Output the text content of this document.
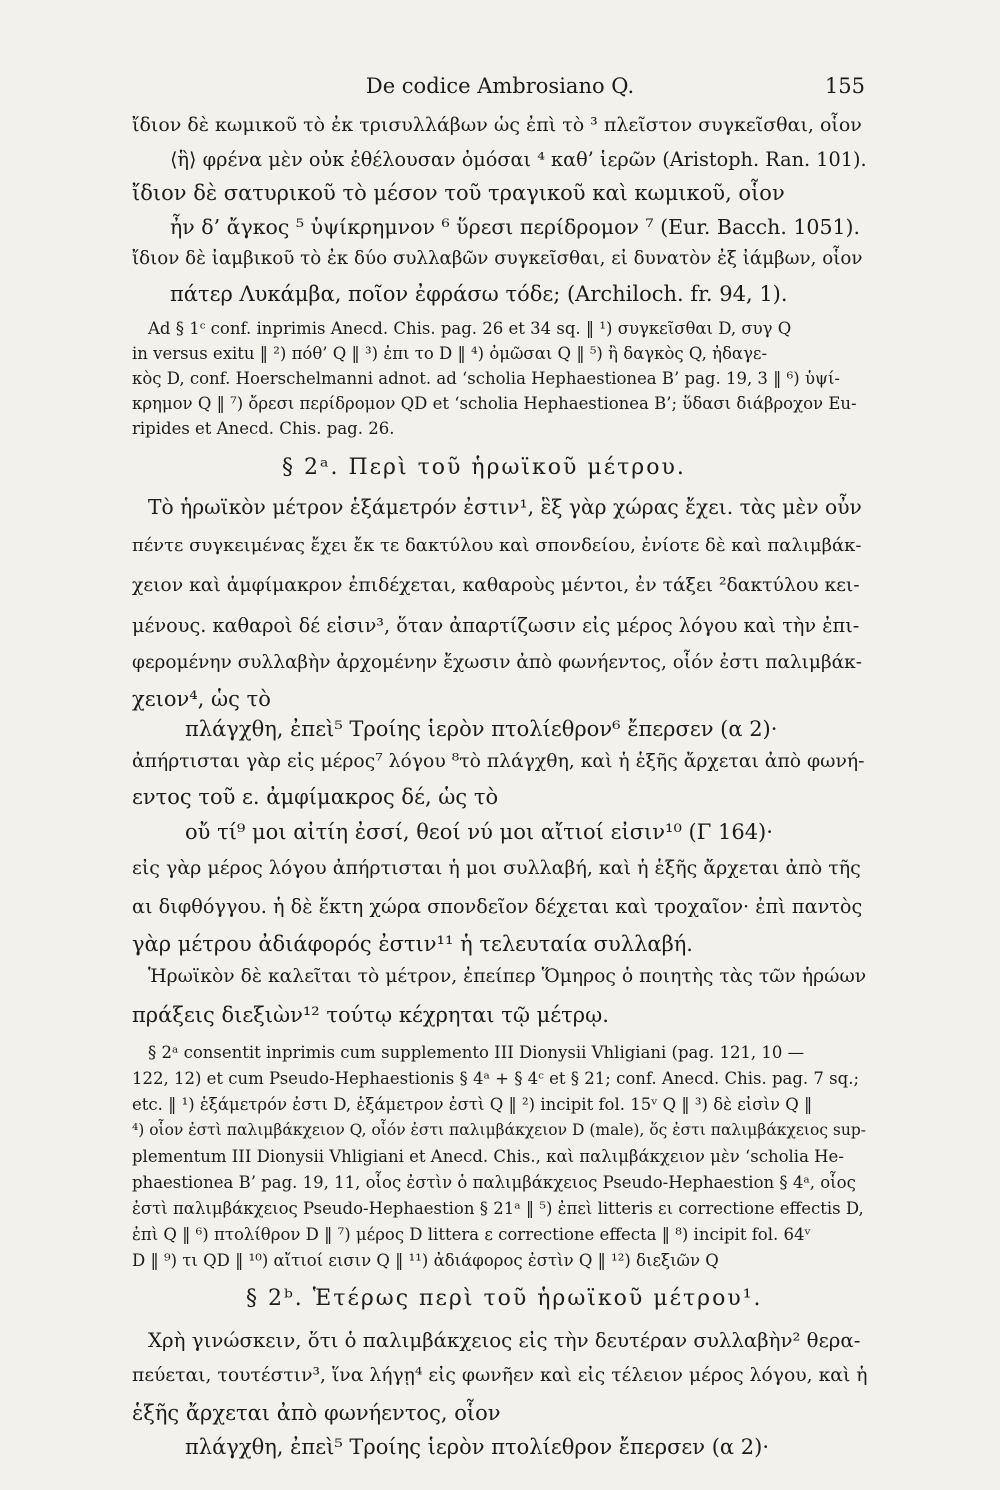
De codice Ambrosiano Q.	155
ἴδιον δὲ κωμικοῦ τὸ ἐκ τρισυλλάβων ὡς ἐπὶ τὸ ³ πλεῖστον συγκεῖσθαι, οἷον
⟨ἣ⟩ φρένα μὲν οὐκ ἐθέλουσαν ὀμόσαι ⁴ καθ’ ἱερῶν (Aristoph. Ran. 101).
ἴδιον δὲ σατυρικοῦ τὸ μέσον τοῦ τραγικοῦ καὶ κωμικοῦ, οἷον
ἦν δ’ ἄγκος ⁵ ὑψίκρημνον ⁶ ὕρεσι περίδρομον ⁷ (Eur. Bacch. 1051).
ἴδιον δὲ ἰαμβικοῦ τὸ ἐκ δύο συλλαβῶν συγκεῖσθαι, εἰ δυνατὸν ἐξ ἰάμβων, οἷον
πάτερ Λυκάμβα, ποῖον ἐφράσω τόδε; (Archiloch. fr. 94, 1).
Ad § 1ᶜ conf. inprimis Anecd. Chis. pag. 26 et 34 sq. ‖ ¹) συγκεῖσθαι D, συγ Q
in versus exitu ‖ ²) πόθ’ Q ‖ ³) ἐπι το D ‖ ⁴) ὀμῶσαι Q ‖ ⁵) ἢ δαγκὸς Q, ἠδαγε-
κὸς D, conf. Hoerschelmanni adnot. ad ‘scholia Hephaestionea B’ pag. 19, 3 ‖ ⁶) ὑψί-
κρημον Q ‖ ⁷) ὄρεσι περίδρομον QD et ‘scholia Hephaestionea B’; ὕδασι διάβροχον Eu-
ripides et Anecd. Chis. pag. 26.
§ 2ᵃ. Περὶ τοῦ ἡρωϊκοῦ μέτρου.
Τὸ ἡρωϊκὸν μέτρον ἑξάμετρόν ἐστιν¹, ἓξ γὰρ χώρας ἔχει. τὰς μὲν οὖν
πέντε συγκειμένας ἔχει ἔκ τε δακτύλου καὶ σπονδείου, ἐνίοτε δὲ καὶ παλιμβάκ-
χειον καὶ ἀμφίμακρον ἐπιδέχεται, καθαροὺς μέντοι, ἐν τάξει ²δακτύλου κει-
μένους. καθαροὶ δέ εἰσιν³, ὅταν ἀπαρτίζωσιν εἰς μέρος λόγου καὶ τὴν ἐπι-
φερομένην συλλαβὴν ἀρχομένην ἔχωσιν ἀπὸ φωνήεντος, οἷόν ἐστι παλιμβάκ-
χειον⁴, ὡς τὸ
πλάγχθη, ἐπεὶ⁵ Τροίης ἱερὸν πτολίεθρον⁶ ἔπερσεν (α 2)·
ἀπήρτισται γὰρ εἰς μέρος⁷ λόγου ⁸τὸ πλάγχθη, καὶ ἡ ἑξῆς ἄρχεται ἀπὸ φωνή-
εντος τοῦ ε. ἀμφίμακρος δέ, ὡς τὸ
οὔ τί⁹ μοι αἰτίη ἐσσί, θεοί νύ μοι αἴτιοί εἰσιν¹⁰ (Γ 164)·
εἰς γὰρ μέρος λόγου ἀπήρτισται ἡ μοι συλλαβή, καὶ ἡ ἑξῆς ἄρχεται ἀπὸ τῆς
αι διφθόγγου. ἡ δὲ ἕκτη χώρα σπονδεῖον δέχεται καὶ τροχαῖον· ἐπὶ παντὸς
γὰρ μέτρου ἀδιάφορός ἐστιν¹¹ ἡ τελευταία συλλαβή.
Ἡρωϊκὸν δὲ καλεῖται τὸ μέτρον, ἐπείπερ Ὅμηρος ὁ ποιητὴς τὰς τῶν ἡρώων
πράξεις διεξιὼν¹² τούτῳ κέχρηται τῷ μέτρῳ.
§ 2ᵃ consentit inprimis cum supplemento III Dionysii Vhligiani (pag. 121, 10 —
122, 12) et cum Pseudo-Hephaestionis § 4ᵃ + § 4ᶜ et § 21; conf. Anecd. Chis. pag. 7 sq.;
etc. ‖ ¹) ἑξάμετρόν ἐστι D, ἑξάμετρον ἐστὶ Q ‖ ²) incipit fol. 15ᵛ Q ‖ ³) δὲ εἰσὶν Q ‖
⁴) οἷον ἐστὶ παλιμβάκχειον Q, οἷόν ἐστι παλιμβάκχειον D (male), ὅς ἐστι παλιμβάκχειος sup-
plementum III Dionysii Vhligiani et Anecd. Chis., καὶ παλιμβάκχειον μὲν ‘scholia He-
phaestionea B’ pag. 19, 11, οἷος ἐστὶν ὁ παλιμβάκχειος Pseudo-Hephaestion § 4ᵃ, οἷος
ἐστὶ παλιμβάκχειος Pseudo-Hephaestion § 21ᵃ ‖ ⁵) ἐπεὶ litteris ει correctione effectis D,
ἐπὶ Q ‖ ⁶) πτολίθρον D ‖ ⁷) μέρος D littera ε correctione effecta ‖ ⁸) incipit fol. 64ᵛ
D ‖ ⁹) τι QD ‖ ¹⁰) αἴτιοί εισιν Q ‖ ¹¹) ἀδιάφορος ἐστὶν Q ‖ ¹²) διεξιῶν Q
§ 2ᵇ. Ἑτέρως περὶ τοῦ ἡρωϊκοῦ μέτρου¹.
Χρὴ γινώσκειν, ὅτι ὁ παλιμβάκχειος εἰς τὴν δευτέραν συλλαβὴν² θερα-
πεύεται, τουτέστιν³, ἵνα λήγῃ⁴ εἰς φωνῆεν καὶ εἰς τέλειον μέρος λόγου, καὶ ἡ
ἑξῆς ἄρχεται ἀπὸ φωνήεντος, οἷον
πλάγχθη, ἐπεὶ⁵ Τροίης ἱερὸν πτολίεθρον ἔπερσεν (α 2)·
